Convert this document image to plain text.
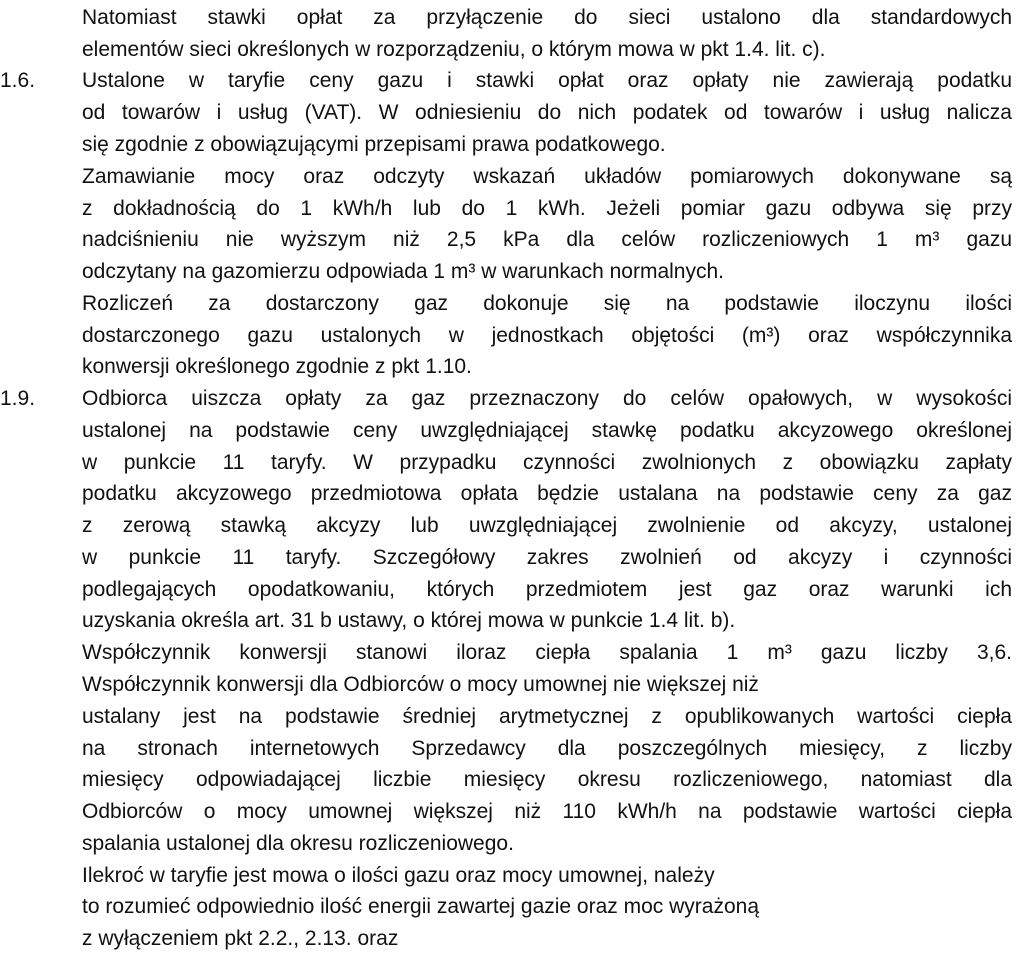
1.6.
1.9.
Natomiast stawki opłat za przyłączenie do sieci ustalono dla standardowych
elementów sieci określonych w rozporządzeniu, o którym mowa w pkt 1.4. lit. c).
Ustalone w taryfie ceny gazu i stawki opłat oraz opłaty nie zawierają podatku
od towarów i usług (VAT). W odniesieniu do nich podatek od towarów i usług nalicza
się zgodnie z obowiązującymi przepisami prawa podatkowego.
Zamawianie mocy oraz odczyty wskazań układów pomiarowych dokonywane są
z dokładnością do 1 kWh/h lub do 1 kWh. Jeżeli pomiar gazu odbywa się przy
nadciśnieniu nie wyższym niż 2,5 kPa dla celów rozliczeniowych 1 m³ gazu
odczytany na gazomierzu odpowiada 1 m³ w warunkach normalnych.
Rozliczeń za dostarczony gaz dokonuje się na podstawie iloczynu ilości
dostarczonego gazu ustalonych w jednostkach objętości (m³) oraz współczynnika
konwersji określonego zgodnie z pkt 1.10.
Odbiorca uiszcza opłaty za gaz przeznaczony do celów opałowych, w wysokości
ustalonej na podstawie ceny uwzględniającej stawkę podatku akcyzowego określonej
w punkcie 11 taryfy. W przypadku czynności zwolnionych z obowiązku zapłaty
podatku akcyzowego przedmiotowa opłata będzie ustalana na podstawie ceny za gaz
z zerową stawką akcyzy lub uwzględniającej zwolnienie od akcyzy, ustalonej
w punkcie 11 taryfy. Szczegółowy zakres zwolnień od akcyzy i czynności
podlegających opodatkowaniu, których przedmiotem jest gaz oraz warunki ich
uzyskania określa art. 31 b ustawy, o której mowa w punkcie 1.4 lit. b).
Współczynnik konwersji stanowi iloraz ciepła spalania 1 m³ gazu liczby 3,6.
Współczynnik konwersji dla Odbiorców o mocy umownej nie większej niż
ustalany jest na podstawie średniej arytmetycznej z opublikowanych wartości ciepła
na stronach internetowych Sprzedawcy dla poszczególnych miesięcy, z liczby
miesięcy odpowiadającej liczbie miesięcy okresu rozliczeniowego, natomiast dla
Odbiorców o mocy umownej większej niż 110 kWh/h na podstawie wartości ciepła
spalania ustalonej dla okresu rozliczeniowego.
Ilekroć w taryfie jest mowa o ilości gazu oraz mocy umownej, należy
to rozumieć odpowiednio ilość energii zawartej gazie oraz moc wyrażoną
z wyłączeniem pkt 2.2., 2.13. oraz
